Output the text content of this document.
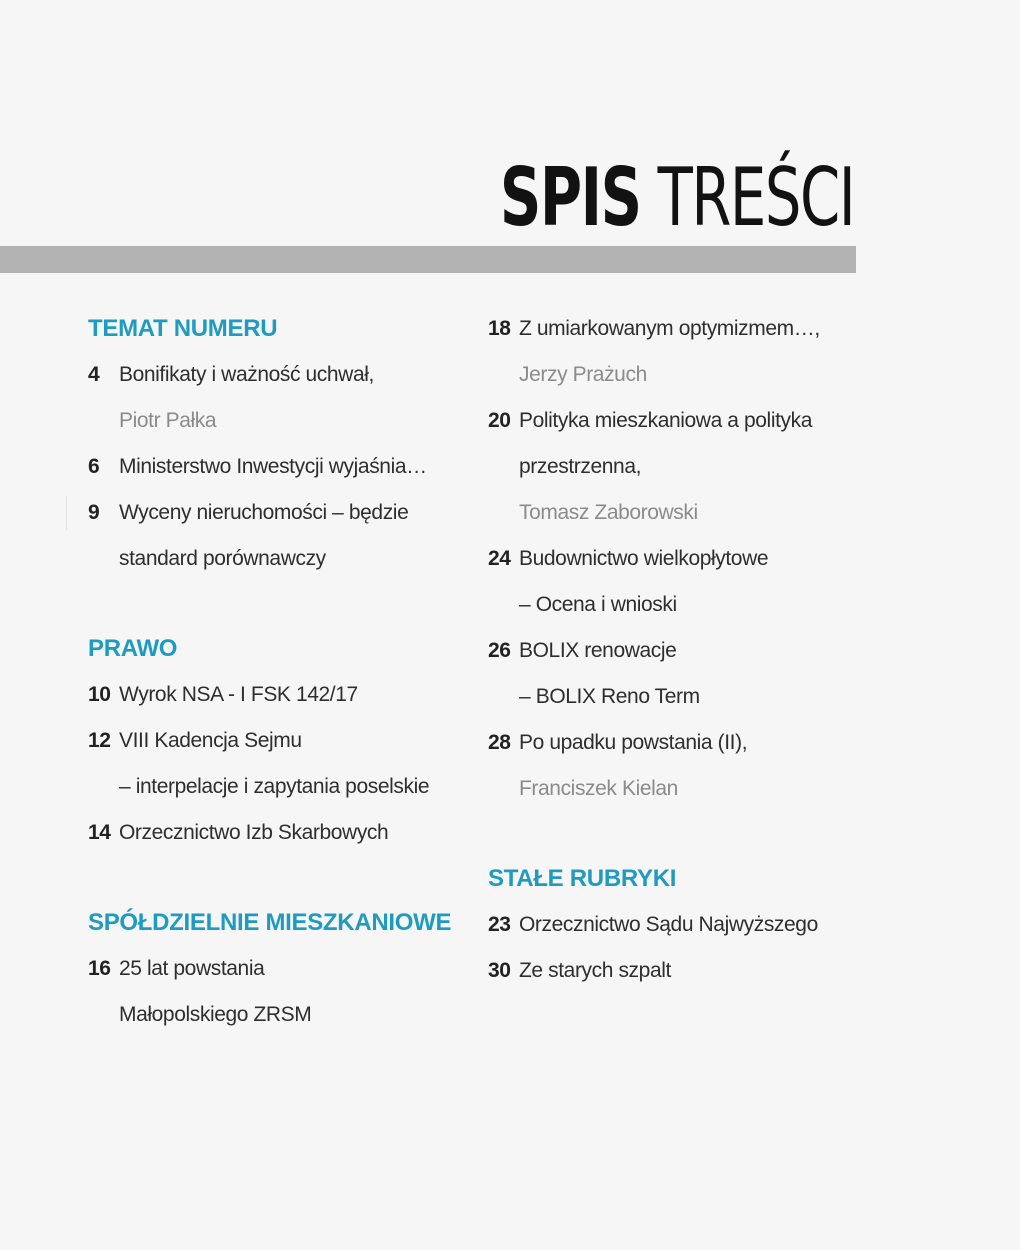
SPIS TREŚCI
TEMAT NUMERU
4 Bonifikaty i ważność uchwał,
Piotr Pałka
6 Ministerstwo Inwestycji wyjaśnia…
9 Wyceny nieruchomości – będzie
standard porównawczy
PRAWO
10 Wyrok NSA - I FSK 142/17
12 VIII Kadencja Sejmu
– interpelacje i zapytania poselskie
14 Orzecznictwo Izb Skarbowych
SPÓŁDZIELNIE MIESZKANIOWE
16 25 lat powstania
Małopolskiego ZRSM
18 Z umiarkowanym optymizmem…,
Jerzy Prażuch
20 Polityka mieszkaniowa a polityka
przestrzenna,
Tomasz Zaborowski
24 Budownictwo wielkopłytowe
– Ocena i wnioski
26 BOLIX renowacje
– BOLIX Reno Term
28 Po upadku powstania (II),
Franciszek Kielan
STAŁE RUBRYKI
23 Orzecznictwo Sądu Najwyższego
30 Ze starych szpalt
